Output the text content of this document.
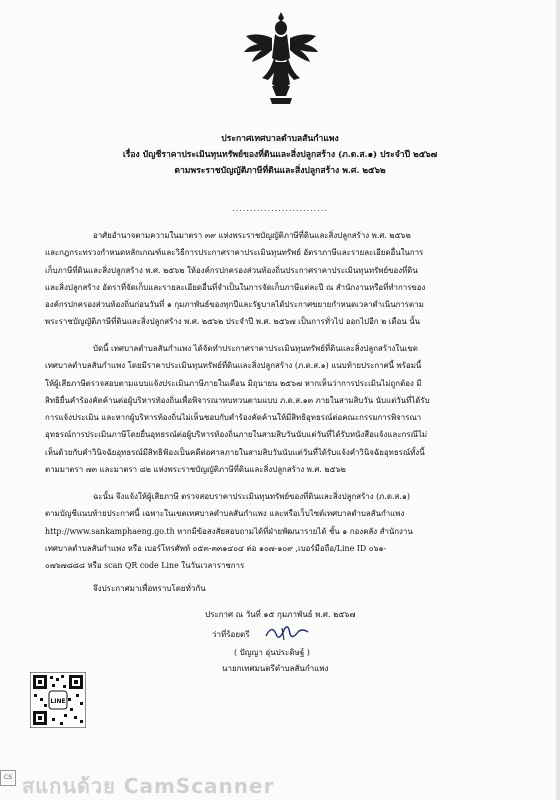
ประกาศเทศบาลตำบลสันกำแพง
เรื่อง บัญชีราคาประเมินทุนทรัพย์ของที่ดินและสิ่งปลูกสร้าง (ภ.ด.ส.๑) ประจำปี ๒๕๖๗
ตามพระราชบัญญัติภาษีที่ดินและสิ่งปลูกสร้าง พ.ศ. ๒๕๖๒
...........................
อาศัยอำนาจตามความในมาตรา ๓๙ แห่งพระราชบัญญัติภาษีที่ดินและสิ่งปลูกสร้าง พ.ศ. ๒๕๖๒
และกฎกระทรวงกำหนดหลักเกณฑ์และวิธีการประกาศราคาประเมินทุนทรัพย์ อัตราภาษีและรายละเอียดอื่นในการ
เก็บภาษีที่ดินและสิ่งปลูกสร้าง พ.ศ. ๒๕๖๒ ให้องค์กรปกครองส่วนท้องถิ่นประกาศราคาประเมินทุนทรัพย์ของที่ดิน
และสิ่งปลูกสร้าง อัตราที่จัดเก็บและรายละเอียดอื่นที่จำเป็นในการจัดเก็บภาษีแต่ละปี ณ สำนักงานหรือที่ทำการของ
องค์กรปกครองส่วนท้องถิ่นก่อนวันที่ ๑ กุมภาพันธ์ของทุกปีและรัฐบาลได้ประกาศขยายกำหนดเวลาดำเนินการตาม
พระราชบัญญัติภาษีที่ดินและสิ่งปลูกสร้าง พ.ศ. ๒๕๖๒ ประจำปี พ.ศ. ๒๕๖๗ เป็นการทั่วไป ออกไปอีก ๒ เดือน นั้น
บัดนี้ เทศบาลตำบลสันกำแพง ได้จัดทำประกาศราคาประเมินทุนทรัพย์ที่ดินและสิ่งปลูกสร้างในเขต
เทศบาลตำบลสันกำแพง โดยมีราคาประเมินทุนทรัพย์ที่ดินและสิ่งปลูกสร้าง (ภ.ด.ส.๑) แนบท้ายประกาศนี้ พร้อมนี้
ให้ผู้เสียภาษีตรวจสอบตามแบบแจ้งประเมินภาษีภายในเดือน มิถุนายน ๒๕๖๗ หากเห็นว่าการประเมินไม่ถูกต้อง มี
สิทธิยื่นคำร้องคัดค้านต่อผู้บริหารท้องถิ่นเพื่อพิจารณาทบทวนตามแบบ ภ.ด.ส.๑๓ ภายในสามสิบวัน นับแต่วันที่ได้รับ
การแจ้งประเมิน และหากผู้บริหารท้องถิ่นไม่เห็นชอบกับคำร้องคัดค้านให้มีสิทธิอุทธรณ์ต่อคณะกรรมการพิจารณา
อุทธรณ์การประเมินภาษีโดยยื่นอุทธรณ์ต่อผู้บริหารท้องถิ่นภายในสามสิบวันนับแต่วันที่ได้รับหนังสือแจ้งและกรณีไม่
เห็นด้วยกับคำวินิจฉัยอุทธรณ์มีสิทธิฟ้องเป็นคดีต่อศาลภายในสามสิบวันนับแต่วันที่ได้รับแจ้งคำวินิจฉัยอุทธรณ์ทั้งนี้
ตามมาตรา ๗๓ และมาตรา ๘๒ แห่งพระราชบัญญัติภาษีที่ดินและสิ่งปลูกสร้าง พ.ศ. ๒๕๖๒
ฉะนั้น จึงแจ้งให้ผู้เสียภาษี ตรวจสอบราคาประเมินทุนทรัพย์ของที่ดินและสิ่งปลูกสร้าง (ภ.ด.ส.๑)
ตามบัญชีแนบท้ายประกาศนี้ เฉพาะในเขตเทศบาลตำบลสันกำแพง และหรือเว็บไซต์เทศบาลตำบลสันกำแพง
http://www.sankamphaeng.go.th หากมีข้อสงสัยสอบถามได้ที่ฝ่ายพัฒนารายได้ ชั้น ๑ กองคลัง สำนักงาน
เทศบาลตำบลสันกำแพง หรือ เบอร์โทรศัพท์ ๐๕๓-๓๓๑๔๐๔ ต่อ ๑๐๗-๑๐๙ ,เบอร์มือถือ/Line ID ๐๖๑-
๐๗๖๗๘๘๘ หรือ scan QR code Line ในวันเวลาราชการ
จึงประกาศมาเพื่อทราบโดยทั่วกัน
ประกาศ ณ วันที่ ๑๕ กุมภาพันธ์ พ.ศ. ๒๕๖๗
ว่าที่ร้อยตรี
( ปัญญา อุ่นประดิษฐ์ )
นายกเทศมนตรีตำบลสันกำแพง
LINE
CS สแกนด้วย CamScanner
